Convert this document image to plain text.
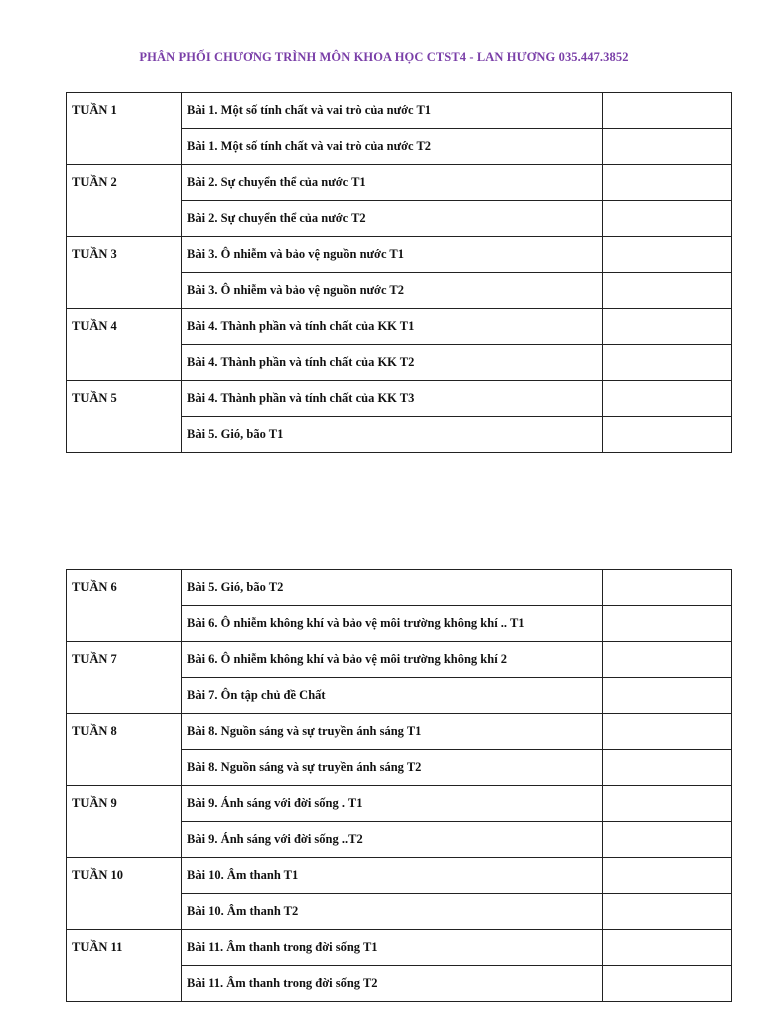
PHÂN PHỐI CHƯƠNG TRÌNH MÔN KHOA HỌC CTST4 - LAN HƯƠNG 035.447.3852
TUẦN 1	Bài 1. Một số tính chất và vai trò của nước T1	
	Bài 1. Một số tính chất và vai trò của nước T2	
TUẦN 2	Bài 2. Sự chuyển thể của nước T1	
	Bài 2. Sự chuyển thể của nước T2	
TUẦN 3	Bài 3. Ô nhiễm và bảo vệ nguồn nước T1	
	Bài 3. Ô nhiễm và bảo vệ nguồn nước T2	
TUẦN 4	Bài 4. Thành phần và tính chất của KK T1	
	Bài 4. Thành phần và tính chất của KK T2	
TUẦN 5	Bài 4. Thành phần và tính chất của KK T3	
	Bài 5. Gió, bão T1	
TUẦN 6	Bài 5. Gió, bão T2	
	Bài 6. Ô nhiễm không khí và bảo vệ môi trường không khí .. T1	
TUẦN 7	Bài 6. Ô nhiễm không khí và bảo vệ môi trường không khí 2	
	Bài 7. Ôn tập chủ đề Chất	
TUẦN 8	Bài 8. Nguồn sáng và sự truyền ánh sáng T1	
	Bài 8. Nguồn sáng và sự truyền ánh sáng T2	
TUẦN 9	Bài 9. Ánh sáng với đời sống . T1	
	Bài 9. Ánh sáng với đời sống ..T2	
TUẦN 10	Bài 10. Âm thanh T1	
	Bài 10. Âm thanh T2	
TUẦN 11	Bài 11. Âm thanh trong đời sống T1	
	Bài 11. Âm thanh trong đời sống T2	
